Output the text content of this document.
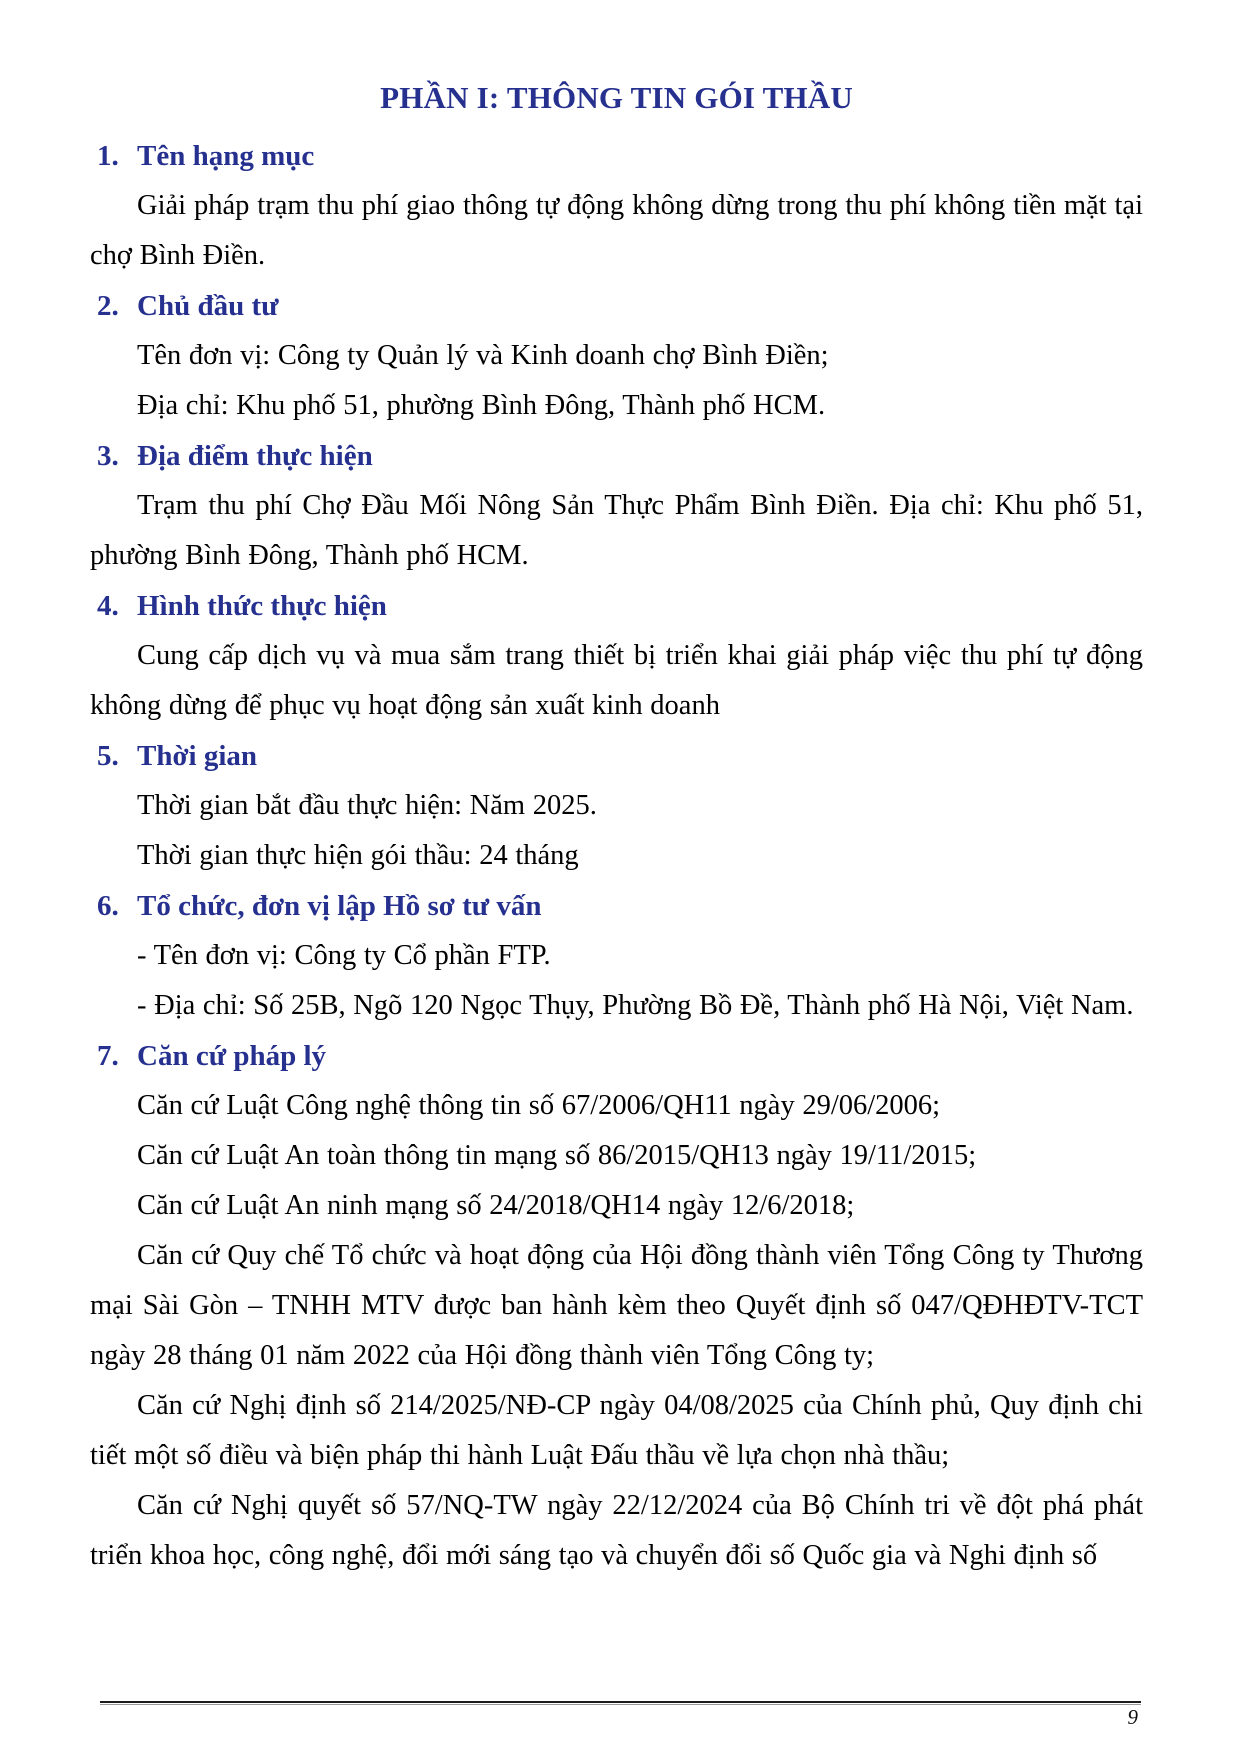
PHẦN I: THÔNG TIN GÓI THẦU
1. Tên hạng mục

Giải pháp trạm thu phí giao thông tự động không dừng trong thu phí không tiền mặt tại chợ Bình Điền.

2. Chủ đầu tư

Tên đơn vị: Công ty Quản lý và Kinh doanh chợ Bình Điền;

Địa chỉ: Khu phố 51, phường Bình Đông, Thành phố HCM.

3. Địa điểm thực hiện

Trạm thu phí Chợ Đầu Mối Nông Sản Thực Phẩm Bình Điền. Địa chỉ: Khu phố 51, phường Bình Đông, Thành phố HCM.

4. Hình thức thực hiện

Cung cấp dịch vụ và mua sắm trang thiết bị triển khai giải pháp việc thu phí tự động không dừng để phục vụ hoạt động sản xuất kinh doanh

5. Thời gian

Thời gian bắt đầu thực hiện: Năm 2025.

Thời gian thực hiện gói thầu: 24 tháng

6. Tổ chức, đơn vị lập Hồ sơ tư vấn

- Tên đơn vị: Công ty Cổ phần FTP.

- Địa chỉ: Số 25B, Ngõ 120 Ngọc Thụy, Phường Bồ Đề, Thành phố Hà Nội, Việt Nam.

7. Căn cứ pháp lý

Căn cứ Luật Công nghệ thông tin số 67/2006/QH11 ngày 29/06/2006;

Căn cứ Luật An toàn thông tin mạng số 86/2015/QH13 ngày 19/11/2015;

Căn cứ Luật An ninh mạng số 24/2018/QH14 ngày 12/6/2018;

Căn cứ Quy chế Tổ chức và hoạt động của Hội đồng thành viên Tổng Công ty Thương mại Sài Gòn – TNHH MTV được ban hành kèm theo Quyết định số 047/QĐHĐTV-TCT ngày 28 tháng 01 năm 2022 của Hội đồng thành viên Tổng Công ty;

Căn cứ Nghị định số 214/2025/NĐ-CP ngày 04/08/2025 của Chính phủ, Quy định chi tiết một số điều và biện pháp thi hành Luật Đấu thầu về lựa chọn nhà thầu;

Căn cứ Nghị quyết số 57/NQ-TW ngày 22/12/2024 của Bộ Chính tri về đột phá phát triển khoa học, công nghệ, đổi mới sáng tạo và chuyển đổi số Quốc gia và Nghi định số

9
